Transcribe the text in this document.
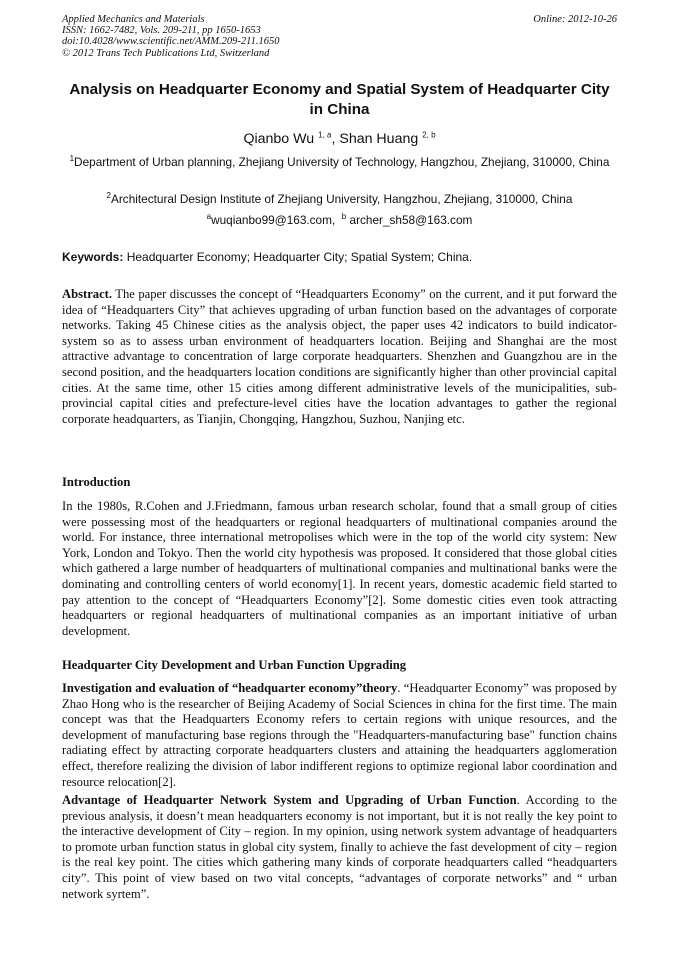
Applied Mechanics and Materials
ISSN: 1662-7482, Vols. 209-211, pp 1650-1653
doi:10.4028/www.scientific.net/AMM.209-211.1650
© 2012 Trans Tech Publications Ltd, Switzerland
Online: 2012-10-26
Analysis on Headquarter Economy and Spatial System of Headquarter City in China
Qianbo Wu $^{1, a}$, Shan Huang $^{2, b}$
$^1$Department of Urban planning, Zhejiang University of Technology, Hangzhou, Zhejiang, 310000, China
$^2$Architectural Design Institute of Zhejiang University, Hangzhou, Zhejiang, 310000, China
$^a$wuqianbo99@163.com, $^b$ archer_sh58@163.com
Keywords: Headquarter Economy; Headquarter City; Spatial System; China.
Abstract. The paper discusses the concept of “Headquarters Economy” on the current, and it put forward the idea of “Headquarters City” that achieves upgrading of urban function based on the advantages of corporate networks. Taking 45 Chinese cities as the analysis object, the paper uses 42 indicators to build indicator-system so as to assess urban environment of headquarters location. Beijing and Shanghai are the most attractive advantage to concentration of large corporate headquarters. Shenzhen and Guangzhou are in the second position, and the headquarters location conditions are significantly higher than other provincial capital cities. At the same time, other 15 cities among different administrative levels of the municipalities, sub-provincial capital cities and prefecture-level cities have the location advantages to gather the regional corporate headquarters, as Tianjin, Chongqing, Hangzhou, Suzhou, Nanjing etc.
Introduction
In the 1980s, R.Cohen and J.Friedmann, famous urban research scholar, found that a small group of cities were possessing most of the headquarters or regional headquarters of multinational companies around the world. For instance, three international metropolises which were in the top of the world city system: New York, London and Tokyo. Then the world city hypothesis was proposed. It considered that those global cities which gathered a large number of headquarters of multinational companies and multinational banks were the dominating and controlling centers of world economy[1]. In recent years, domestic academic field started to pay attention to the concept of “Headquarters Economy”[2]. Some domestic cities even took attracting headquarters or regional headquarters of multinational companies as an important initiative of urban development.
Headquarter City Development and Urban Function Upgrading
Investigation and evaluation of “headquarter economy”theory. “Headquarter Economy” was proposed by Zhao Hong who is the researcher of Beijing Academy of Social Sciences in china for the first time. The main concept was that the Headquarters Economy refers to certain regions with unique resources, and the development of manufacturing base regions through the "Headquarters-manufacturing base" function chains radiating effect by attracting corporate headquarters clusters and attaining the headquarters agglomeration effect, therefore realizing the division of labor indifferent regions to optimize regional labor coordination and resource relocation[2].
Advantage of Headquarter Network System and Upgrading of Urban Function. According to the previous analysis, it doesn’t mean headquarters economy is not important, but it is not really the key point to the interactive development of City – region. In my opinion, using network system advantage of headquarters to promote urban function status in global city system, finally to achieve the fast development of city – region is the real key point. The cities which gathering many kinds of corporate headquarters called “headquarters city”. This point of view based on two vital concepts, “advantages of corporate networks” and “ urban network syrtem”.
